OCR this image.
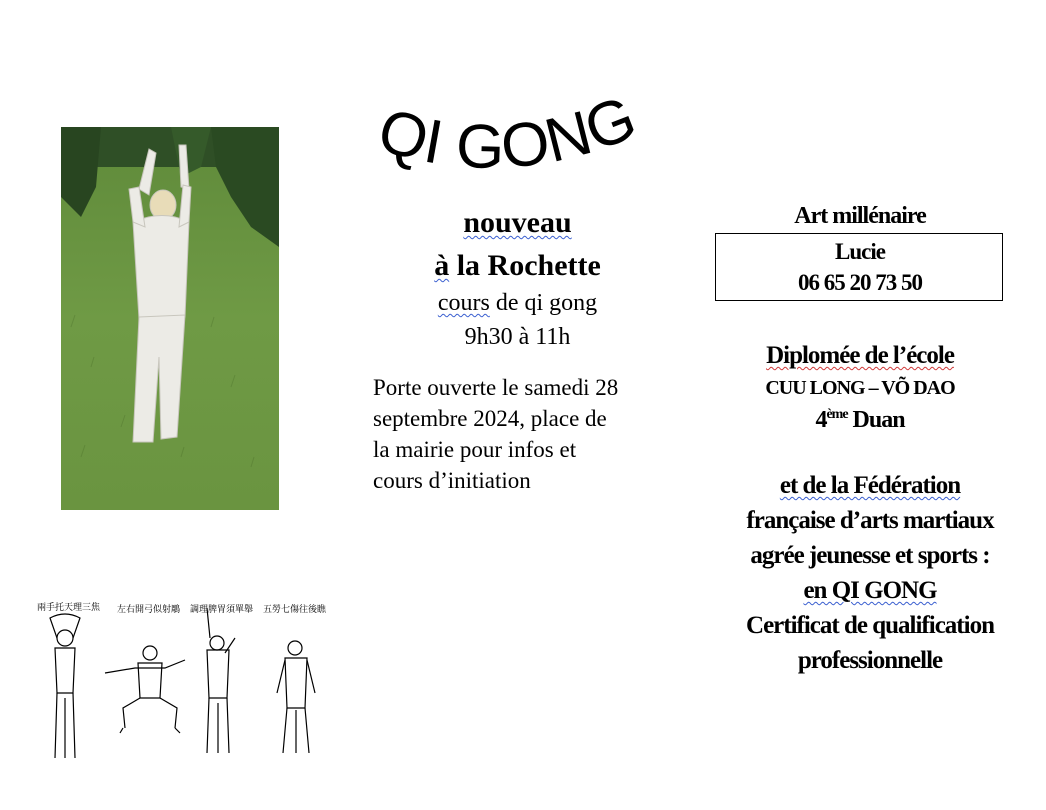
QI GONG
兩手托天理三焦 左右開弓似射鵰 調理脾胃須單舉 五勞七傷往後瞧
nouveau
à la Rochette
cours de qi gong
9h30 à 11h
Porte ouverte le samedi 28
septembre 2024, place de
la mairie pour infos et
cours d’initiation
Art millénaire
Lucie
06 65 20 73 50
Diplomée de l’école
CUU LONG – VÕ DAO
4ème Duan
et de la Fédération
française d’arts martiaux
agrée jeunesse et sports :
en QI GONG
Certificat de qualification
professionnelle
